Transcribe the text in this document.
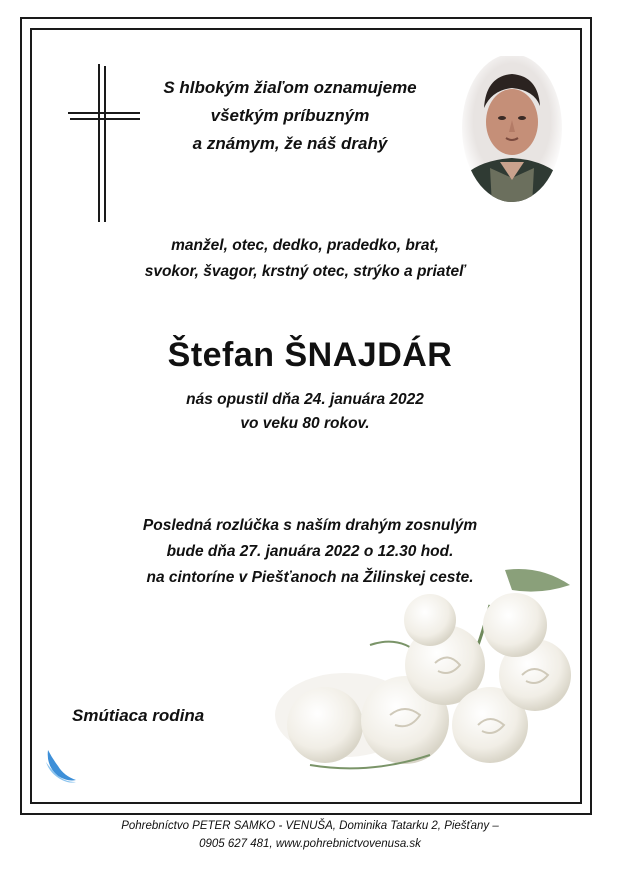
S hlbokým žiaľom oznamujeme
všetkým príbuzným
a známym, že náš drahý
manžel, otec, dedko, pradedko, brat,
svokor, švagor, krstný otec, strýko a priateľ
Štefan ŠNAJDÁR
nás opustil dňa 24. januára 2022
vo veku 80 rokov.
Posledná rozlúčka s naším drahým zosnulým
bude dňa 27. januára 2022 o 12.30 hod.
na cintoríne v Piešťanoch na Žilinskej ceste.
Smútiaca rodina
Pohrebníctvo PETER SAMKO - VENUŠA, Dominika Tatarku 2, Piešťany –
0905 627 481, www.pohrebnictvovenusa.sk
